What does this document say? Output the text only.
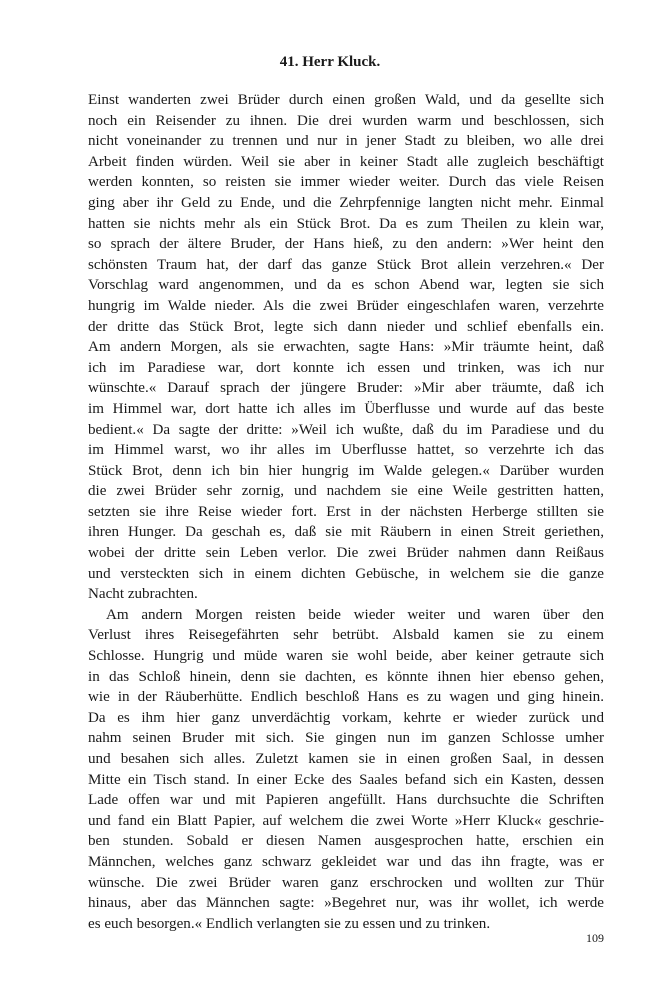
41. Herr Kluck.
Einst wanderten zwei Brüder durch einen großen Wald, und da gesellte sich
noch ein Reisender zu ihnen. Die drei wurden warm und beschlossen, sich
nicht voneinander zu trennen und nur in jener Stadt zu bleiben, wo alle drei
Arbeit finden würden. Weil sie aber in keiner Stadt alle zugleich beschäftigt
werden konnten, so reisten sie immer wieder weiter. Durch das viele Reisen
ging aber ihr Geld zu Ende, und die Zehrpfennige langten nicht mehr. Einmal
hatten sie nichts mehr als ein Stück Brot. Da es zum Theilen zu klein war,
so sprach der ältere Bruder, der Hans hieß, zu den andern: »Wer heint den
schönsten Traum hat, der darf das ganze Stück Brot allein verzehren.« Der
Vorschlag ward angenommen, und da es schon Abend war, legten sie sich
hungrig im Walde nieder. Als die zwei Brüder eingeschlafen waren, verzehrte
der dritte das Stück Brot, legte sich dann nieder und schlief ebenfalls ein.
Am andern Morgen, als sie erwachten, sagte Hans: »Mir träumte heint, daß
ich im Paradiese war, dort konnte ich essen und trinken, was ich nur
wünschte.« Darauf sprach der jüngere Bruder: »Mir aber träumte, daß ich
im Himmel war, dort hatte ich alles im Überflusse und wurde auf das beste
bedient.« Da sagte der dritte: »Weil ich wußte, daß du im Paradiese und du
im Himmel warst, wo ihr alles im Uberflusse hattet, so verzehrte ich das
Stück Brot, denn ich bin hier hungrig im Walde gelegen.« Darüber wurden
die zwei Brüder sehr zornig, und nachdem sie eine Weile gestritten hatten,
setzten sie ihre Reise wieder fort. Erst in der nächsten Herberge stillten sie
ihren Hunger. Da geschah es, daß sie mit Räubern in einen Streit geriethen,
wobei der dritte sein Leben verlor. Die zwei Brüder nahmen dann Reißaus
und versteckten sich in einem dichten Gebüsche, in welchem sie die ganze
Nacht zubrachten.
Am andern Morgen reisten beide wieder weiter und waren über den
Verlust ihres Reisegefährten sehr betrübt. Alsbald kamen sie zu einem
Schlosse. Hungrig und müde waren sie wohl beide, aber keiner getraute sich
in das Schloß hinein, denn sie dachten, es könnte ihnen hier ebenso gehen,
wie in der Räuberhütte. Endlich beschloß Hans es zu wagen und ging hinein.
Da es ihm hier ganz unverdächtig vorkam, kehrte er wieder zurück und
nahm seinen Bruder mit sich. Sie gingen nun im ganzen Schlosse umher
und besahen sich alles. Zuletzt kamen sie in einen großen Saal, in dessen
Mitte ein Tisch stand. In einer Ecke des Saales befand sich ein Kasten, dessen
Lade offen war und mit Papieren angefüllt. Hans durchsuchte die Schriften
und fand ein Blatt Papier, auf welchem die zwei Worte »Herr Kluck« geschrie-
ben stunden. Sobald er diesen Namen ausgesprochen hatte, erschien ein
Männchen, welches ganz schwarz gekleidet war und das ihn fragte, was er
wünsche. Die zwei Brüder waren ganz erschrocken und wollten zur Thür
hinaus, aber das Männchen sagte: »Begehret nur, was ihr wollet, ich werde
es euch besorgen.« Endlich verlangten sie zu essen und zu trinken.
109
